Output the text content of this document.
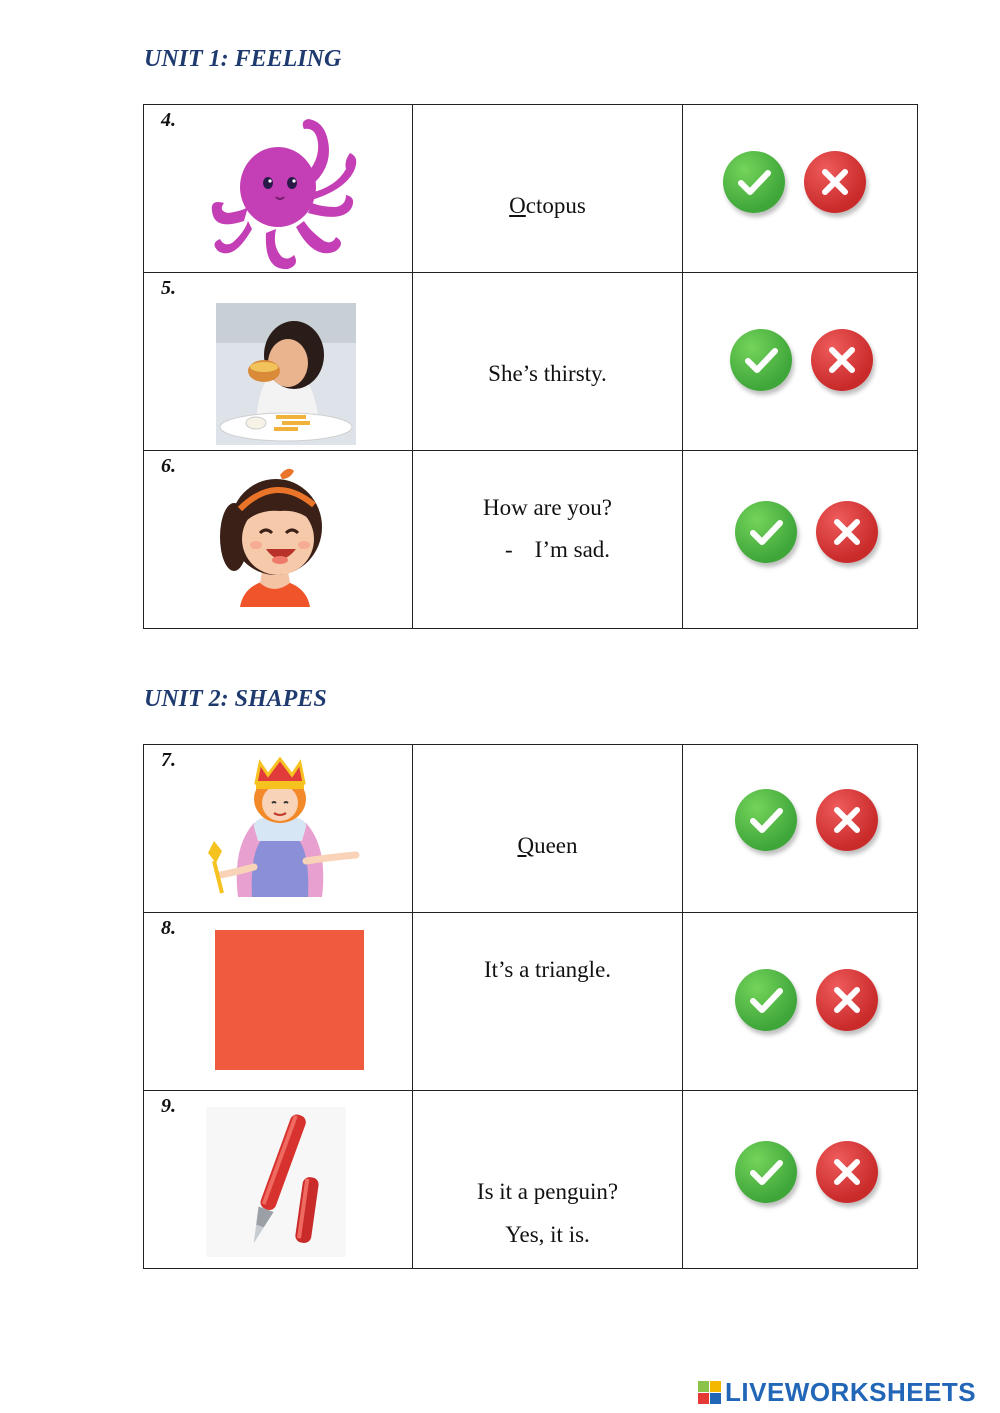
UNIT 1: FEELING
4.	Octopus

5.	She’s thirsty.

6.	How are you?
- I’m sad.

UNIT 2: SHAPES
7.	Queen

8.	It’s a triangle.

9.	Is it a penguin?
Yes, it is.

LIVEWORKSHEETS
